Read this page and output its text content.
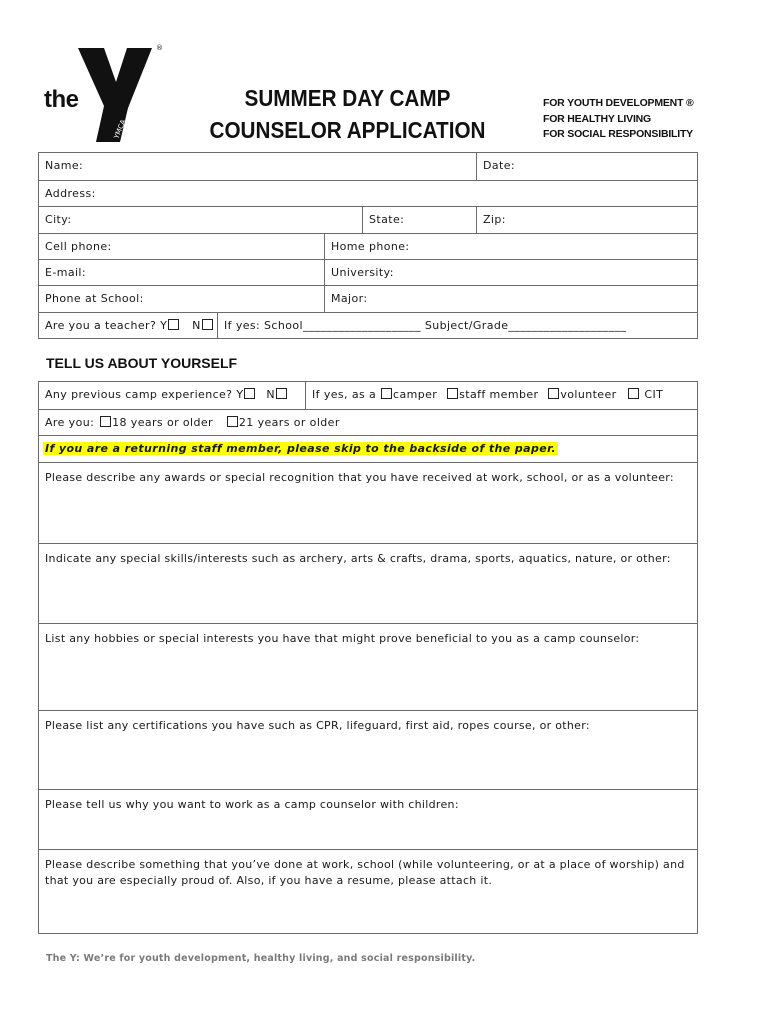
the
YMCA
®
SUMMER DAY CAMP
COUNSELOR APPLICATION
FOR YOUTH DEVELOPMENT ®
FOR HEALTHY LIVING
FOR SOCIAL RESPONSIBILITY
Name:	Date:
Address:
City:	State:	Zip:
Cell phone:	Home phone:
E-mail:	University:
Phone at School:	Major:
Are you a teacher? Y N	If yes: School____________________ Subject/Grade____________________
TELL US ABOUT YOURSELF
Any previous camp experience? Y N	If yes, as a camper staff member volunteer	CIT
Are you: 18 years or older 21 years or older
If you are a returning staff member, please skip to the backside of the paper.
Please describe any awards or special recognition that you have received at work, school, or as a volunteer:
Indicate any special skills/interests such as archery, arts & crafts, drama, sports, aquatics, nature, or other:
List any hobbies or special interests you have that might prove beneficial to you as a camp counselor:
Please list any certifications you have such as CPR, lifeguard, first aid, ropes course, or other:
Please tell us why you want to work as a camp counselor with children:
Please describe something that you’ve done at work, school (while volunteering, or at a place of worship) and that you are especially proud of. Also, if you have a resume, please attach it.
The Y: We’re for youth development, healthy living, and social responsibility.
